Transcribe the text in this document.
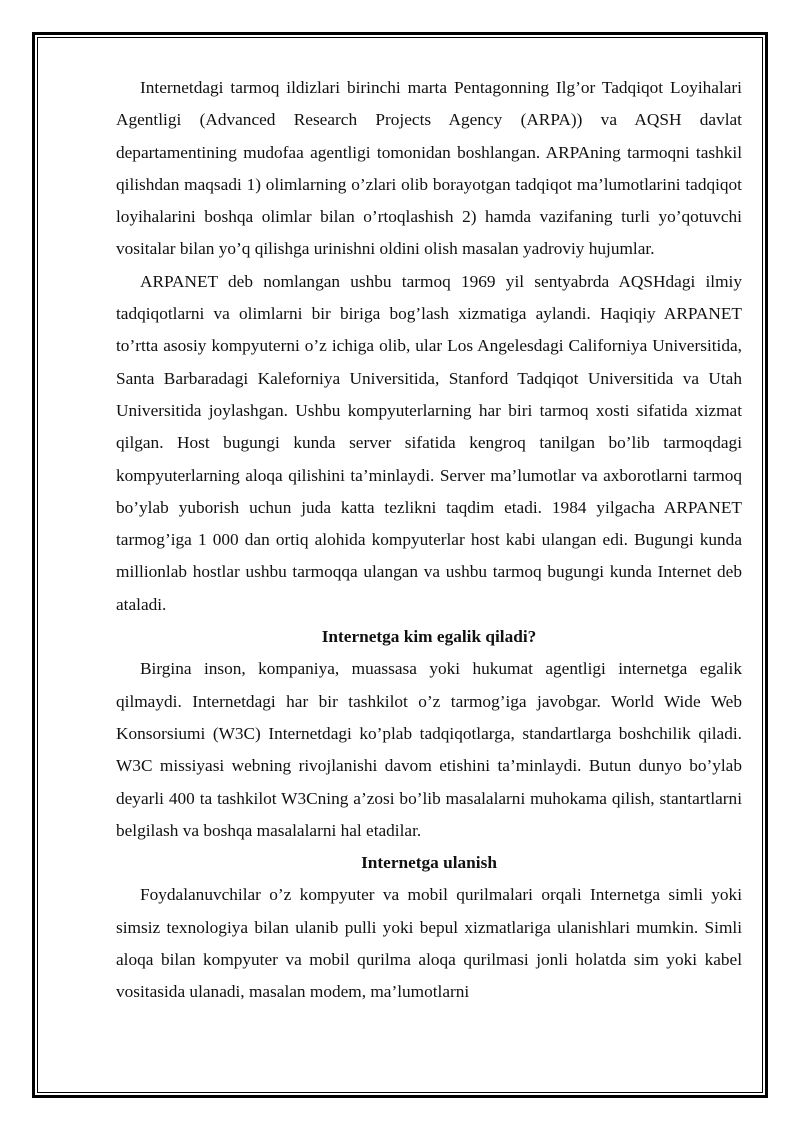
Internetdagi tarmoq ildizlari birinchi marta Pentagonning Ilg’or Tadqiqot Loyihalari Agentligi (Advanced Research Projects Agency (ARPA)) va AQSH davlat departamentining mudofaa agentligi tomonidan boshlangan. ARPAning tarmoqni tashkil qilishdan maqsadi 1) olimlarning o’zlari olib borayotgan tadqiqot ma’lumotlarini tadqiqot loyihalarini boshqa olimlar bilan o’rtoqlashish 2) hamda vazifaning turli yo’qotuvchi vositalar bilan yo’q qilishga urinishni oldini olish masalan yadroviy hujumlar.

ARPANET deb nomlangan ushbu tarmoq 1969 yil sentyabrda AQSHdagi ilmiy tadqiqotlarni va olimlarni bir biriga bog’lash xizmatiga aylandi. Haqiqiy ARPANET to’rtta asosiy kompyuterni o’z ichiga olib, ular Los Angelesdagi Californiya Universitida, Santa Barbaradagi Kaleforniya Universitida, Stanford Tadqiqot Universitida va Utah Universitida joylashgan. Ushbu kompyuterlarning har biri tarmoq xosti sifatida xizmat qilgan. Host bugungi kunda server sifatida kengroq tanilgan bo’lib tarmoqdagi kompyuterlarning aloqa qilishini ta’minlaydi. Server ma’lumotlar va axborotlarni tarmoq bo’ylab yuborish uchun juda katta tezlikni taqdim etadi. 1984 yilgacha ARPANET tarmog’iga 1 000 dan ortiq alohida kompyuterlar host kabi ulangan edi. Bugungi kunda millionlab hostlar ushbu tarmoqqa ulangan va ushbu tarmoq bugungi kunda Internet deb ataladi.

Internetga kim egalik qiladi?

Birgina inson, kompaniya, muassasa yoki hukumat agentligi internetga egalik qilmaydi. Internetdagi har bir tashkilot o’z tarmog’iga javobgar. World Wide Web Konsorsiumi (W3C) Internetdagi ko’plab tadqiqotlarga, standartlarga boshchilik qiladi. W3C missiyasi webning rivojlanishi davom etishini ta’minlaydi. Butun dunyo bo’ylab deyarli 400 ta tashkilot W3Cning a’zosi bo’lib masalalarni muhokama qilish, stantartlarni belgilash va boshqa masalalarni hal etadilar.

Internetga ulanish

Foydalanuvchilar o’z kompyuter va mobil qurilmalari orqali Internetga simli yoki simsiz texnologiya bilan ulanib pulli yoki bepul xizmatlariga ulanishlari mumkin. Simli aloqa bilan kompyuter va mobil qurilma aloqa qurilmasi jonli holatda sim yoki kabel vositasida ulanadi, masalan modem, ma’lumotlarni
